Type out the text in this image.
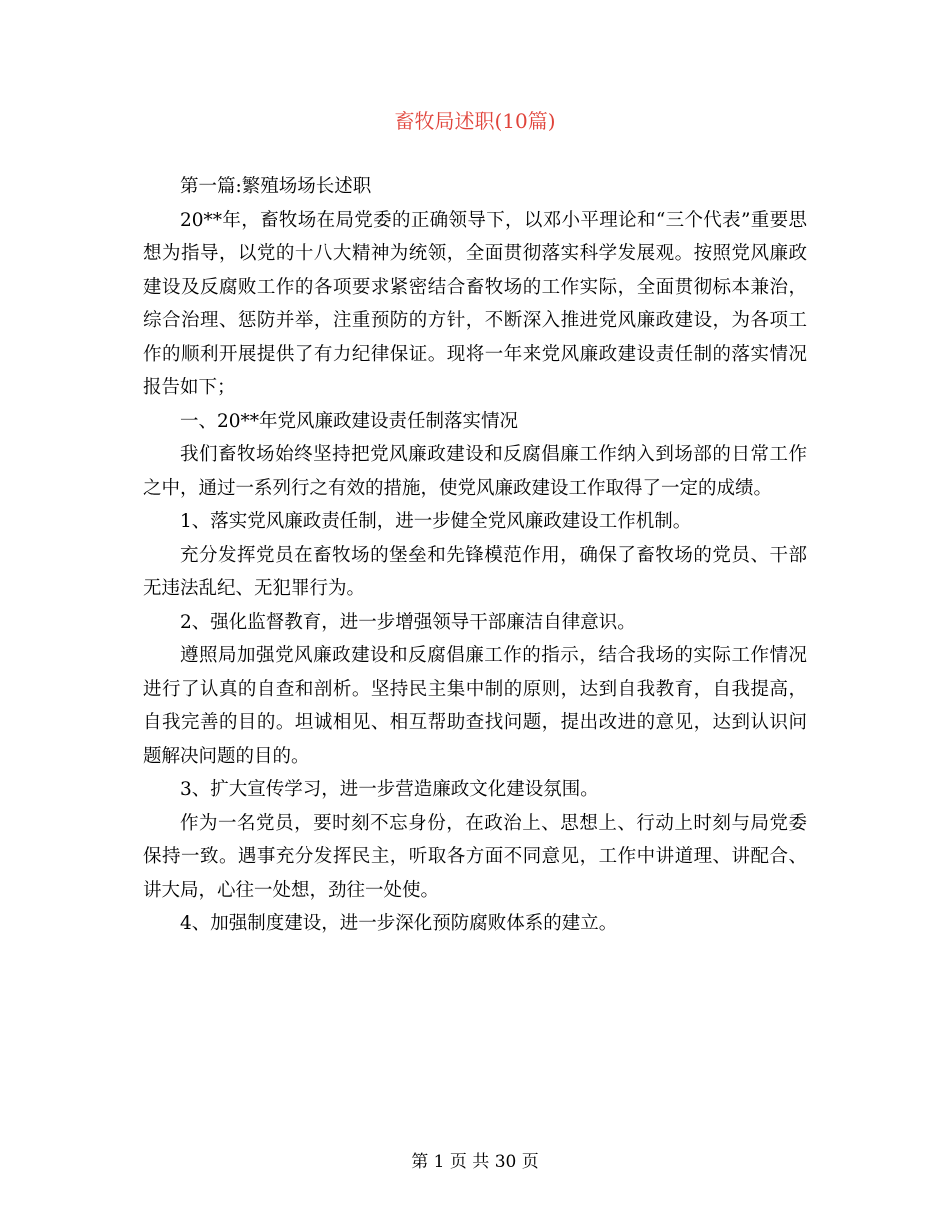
畜牧局述职(10篇)

第一篇:繁殖场场长述职

20**年，畜牧场在局党委的正确领导下，以邓小平理论和“三个代表”重要思想为指导，以党的十八大精神为统领，全面贯彻落实科学发展观。按照党风廉政建设及反腐败工作的各项要求紧密结合畜牧场的工作实际，全面贯彻标本兼治，综合治理、惩防并举，注重预防的方针，不断深入推进党风廉政建设，为各项工作的顺利开展提供了有力纪律保证。现将一年来党风廉政建设责任制的落实情况报告如下；

一、20**年党风廉政建设责任制落实情况

我们畜牧场始终坚持把党风廉政建设和反腐倡廉工作纳入到场部的日常工作之中，通过一系列行之有效的措施，使党风廉政建设工作取得了一定的成绩。

1、落实党风廉政责任制，进一步健全党风廉政建设工作机制。

充分发挥党员在畜牧场的堡垒和先锋模范作用，确保了畜牧场的党员、干部无违法乱纪、无犯罪行为。

2、强化监督教育，进一步增强领导干部廉洁自律意识。

遵照局加强党风廉政建设和反腐倡廉工作的指示，结合我场的实际工作情况进行了认真的自查和剖析。坚持民主集中制的原则，达到自我教育，自我提高，自我完善的目的。坦诚相见、相互帮助查找问题，提出改进的意见，达到认识问题解决问题的目的。

3、扩大宣传学习，进一步营造廉政文化建设氛围。

作为一名党员，要时刻不忘身份，在政治上、思想上、行动上时刻与局党委保持一致。遇事充分发挥民主，听取各方面不同意见，工作中讲道理、讲配合、讲大局，心往一处想，劲往一处使。

4、加强制度建设，进一步深化预防腐败体系的建立。

第 1 页 共 30 页
